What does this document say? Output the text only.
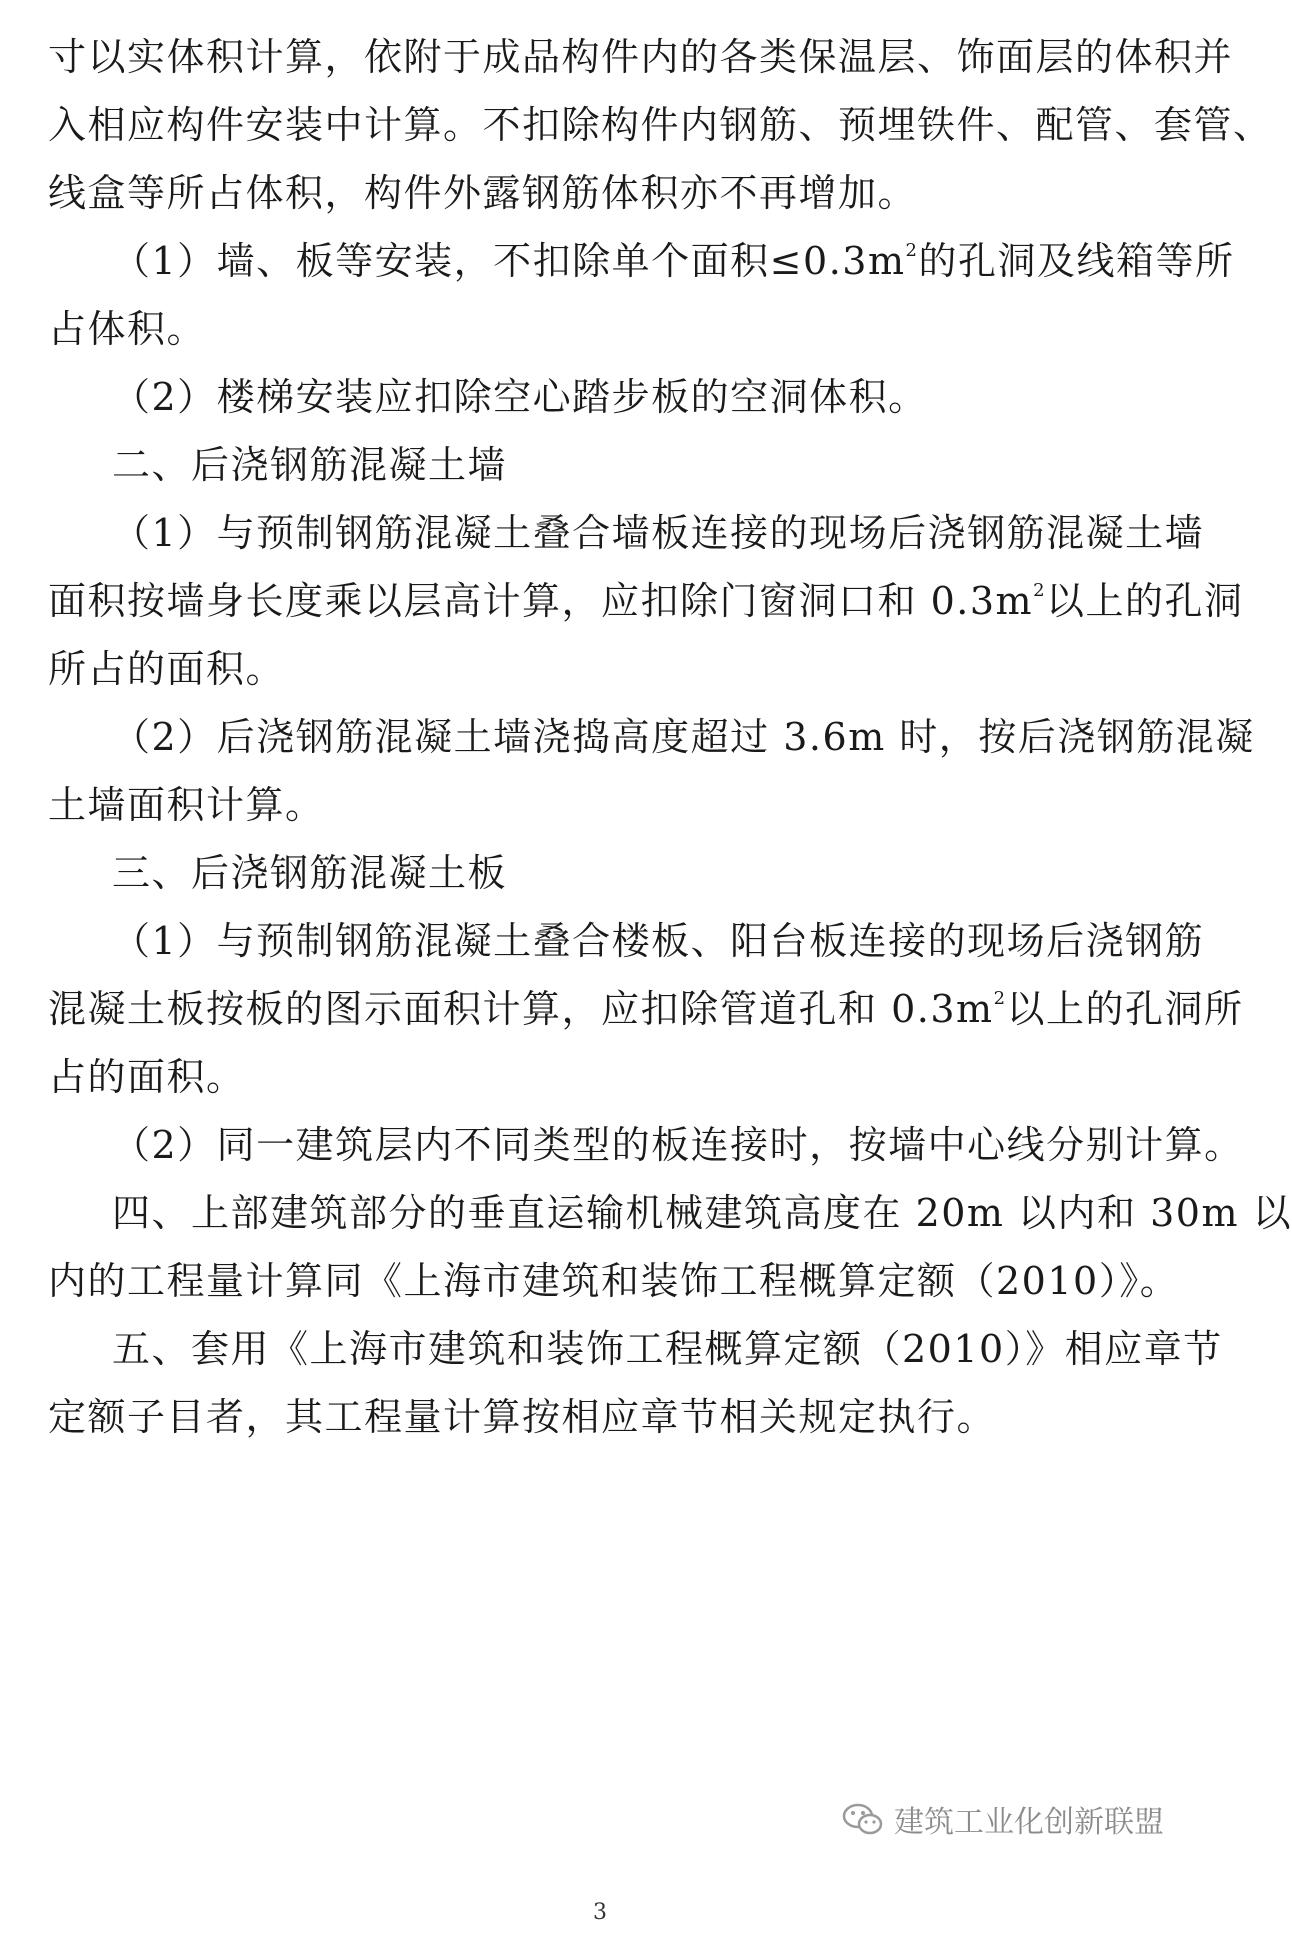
寸以实体积计算，依附于成品构件内的各类保温层、饰面层的体积并
入相应构件安装中计算。不扣除构件内钢筋、预埋铁件、配管、套管、
线盒等所占体积，构件外露钢筋体积亦不再增加。
（1）墙、板等安装，不扣除单个面积$\le 0.3m^2$的孔洞及线箱等所
占体积。
（2）楼梯安装应扣除空心踏步板的空洞体积。
二、后浇钢筋混凝土墙
（1）与预制钢筋混凝土叠合墙板连接的现场后浇钢筋混凝土墙
面积按墙身长度乘以层高计算，应扣除门窗洞口和 $0.3m^2$以上的孔洞
所占的面积。
（2）后浇钢筋混凝土墙浇捣高度超过 3.6m 时，按后浇钢筋混凝
土墙面积计算。
三、后浇钢筋混凝土板
（1）与预制钢筋混凝土叠合楼板、阳台板连接的现场后浇钢筋
混凝土板按板的图示面积计算，应扣除管道孔和 $0.3m^2$以上的孔洞所
占的面积。
（2）同一建筑层内不同类型的板连接时，按墙中心线分别计算。
四、上部建筑部分的垂直运输机械建筑高度在 20m 以内和 30m 以
内的工程量计算同《上海市建筑和装饰工程概算定额（2010）》。
五、套用《上海市建筑和装饰工程概算定额（2010）》相应章节
定额子目者，其工程量计算按相应章节相关规定执行。
建筑工业化创新联盟
3
